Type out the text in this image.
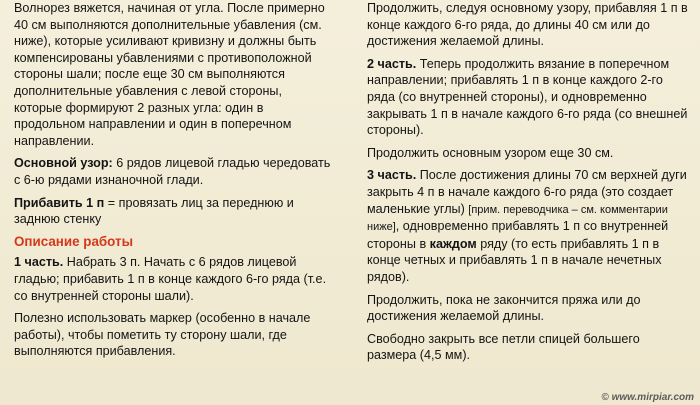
Волнорез вяжется, начиная от угла. После примерно 40 см выполняются дополнительные убавления (см. ниже), которые усиливают кривизну и должны быть компенсированы убавлениями с противоположной стороны шали; после еще 30 см выполняются дополнительные убавления с левой стороны, которые формируют 2 разных угла: один в продольном направлении и один в поперечном направлении.

Основной узор: 6 рядов лицевой гладью чередовать с 6-ю рядами изнаночной глади.

Прибавить 1 п = провязать лиц за переднюю и заднюю стенку

Описание работы

1 часть. Набрать 3 п. Начать с 6 рядов лицевой гладью; прибавить 1 п в конце каждого 6-го ряда (т.е. со внутренней стороны шали).

Полезно использовать маркер (особенно в начале работы), чтобы пометить ту сторону шали, где выполняются прибавления.

Продолжить, следуя основному узору, прибавляя 1 п в конце каждого 6-го ряда, до длины 40 см или до достижения желаемой длины.

2 часть. Теперь продолжить вязание в поперечном направлении; прибавлять 1 п в конце каждого 2-го ряда (со внутренней стороны), и одновременно закрывать 1 п в начале каждого 6-го ряда (со внешней стороны).

Продолжить основным узором еще 30 см.

3 часть. После достижения длины 70 см верхней дуги закрыть 4 п в начале каждого 6-го ряда (это создает маленькие углы) [прим. переводчика – см. комментарии ниже], одновременно прибавлять 1 п со внутренней стороны в каждом ряду (то есть прибавлять 1 п в конце четных и прибавлять 1 п в начале нечетных рядов).

Продолжить, пока не закончится пряжа или до достижения желаемой длины.

Свободно закрыть все петли спицей большего размера (4,5 мм).

© www.mirpiar.com
